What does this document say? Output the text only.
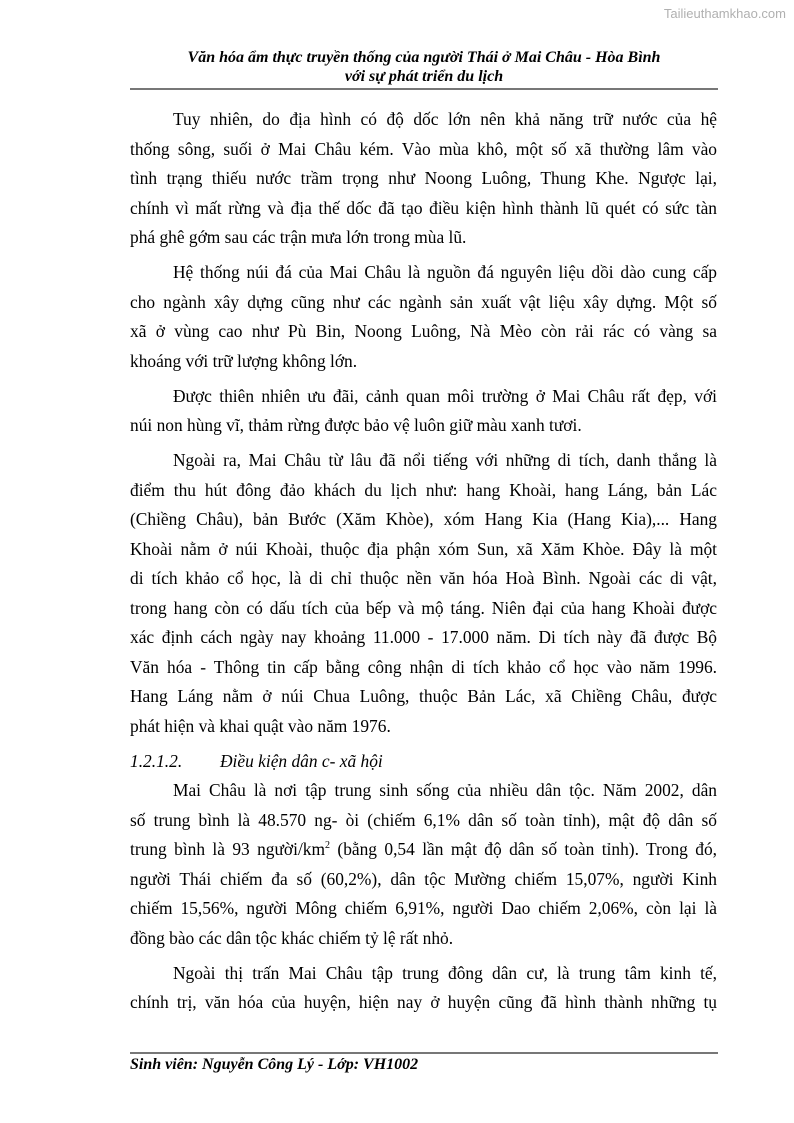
Tailieuthamkhao.com
Văn hóa ẩm thực truyền thống của người Thái ở Mai Châu - Hòa Bình
với sự phát triển du lịch
Tuy nhiên, do địa hình có độ dốc lớn nên khả năng trữ nước của hệ
thống sông, suối ở Mai Châu kém. Vào mùa khô, một số xã thường lâm vào
tình trạng thiếu nước trầm trọng như Noong Luông, Thung Khe. Ngược lại,
chính vì mất rừng và địa thế dốc đã tạo điều kiện hình thành lũ quét có sức tàn
phá ghê gớm sau các trận mưa lớn trong mùa lũ.
Hệ thống núi đá của Mai Châu là nguồn đá nguyên liệu dồi dào cung cấp
cho ngành xây dựng cũng như các ngành sản xuất vật liệu xây dựng. Một số
xã ở vùng cao như Pù Bin, Noong Luông, Nà Mèo còn rải rác có vàng sa
khoáng với trữ lượng không lớn.
Được thiên nhiên ưu đãi, cảnh quan môi trường ở Mai Châu rất đẹp, với
núi non hùng vĩ, thảm rừng được bảo vệ luôn giữ màu xanh tươi.
Ngoài ra, Mai Châu từ lâu đã nổi tiếng với những di tích, danh thắng là
điểm thu hút đông đảo khách du lịch như: hang Khoài, hang Láng, bản Lác
(Chiềng Châu), bản Bước (Xăm Khòe), xóm Hang Kia (Hang Kia),... Hang
Khoài nằm ở núi Khoài, thuộc địa phận xóm Sun, xã Xăm Khòe. Đây là một
di tích khảo cổ học, là di chỉ thuộc nền văn hóa Hoà Bình. Ngoài các di vật,
trong hang còn có dấu tích của bếp và mộ táng. Niên đại của hang Khoài được
xác định cách ngày nay khoảng 11.000 - 17.000 năm. Di tích này đã được Bộ
Văn hóa - Thông tin cấp bằng công nhận di tích khảo cổ học vào năm 1996.
Hang Láng nằm ở núi Chua Luông, thuộc Bản Lác, xã Chiềng Châu, được
phát hiện và khai quật vào năm 1976.
1.2.1.2. Điều kiện dân c- xã hội
Mai Châu là nơi tập trung sinh sống của nhiều dân tộc. Năm 2002, dân
số trung bình là 48.570 ng- òi (chiếm 6,1% dân số toàn tỉnh), mật độ dân số
trung bình là 93 người/$km^2$ (bằng 0,54 lần mật độ dân số toàn tỉnh). Trong đó,
người Thái chiếm đa số (60,2%), dân tộc Mường chiếm 15,07%, người Kinh
chiếm 15,56%, người Mông chiếm 6,91%, người Dao chiếm 2,06%, còn lại là
đồng bào các dân tộc khác chiếm tỷ lệ rất nhỏ.
Ngoài thị trấn Mai Châu tập trung đông dân cư, là trung tâm kinh tế,
chính trị, văn hóa của huyện, hiện nay ở huyện cũng đã hình thành những tụ
Sinh viên: Nguyễn Công Lý - Lớp: VH1002
